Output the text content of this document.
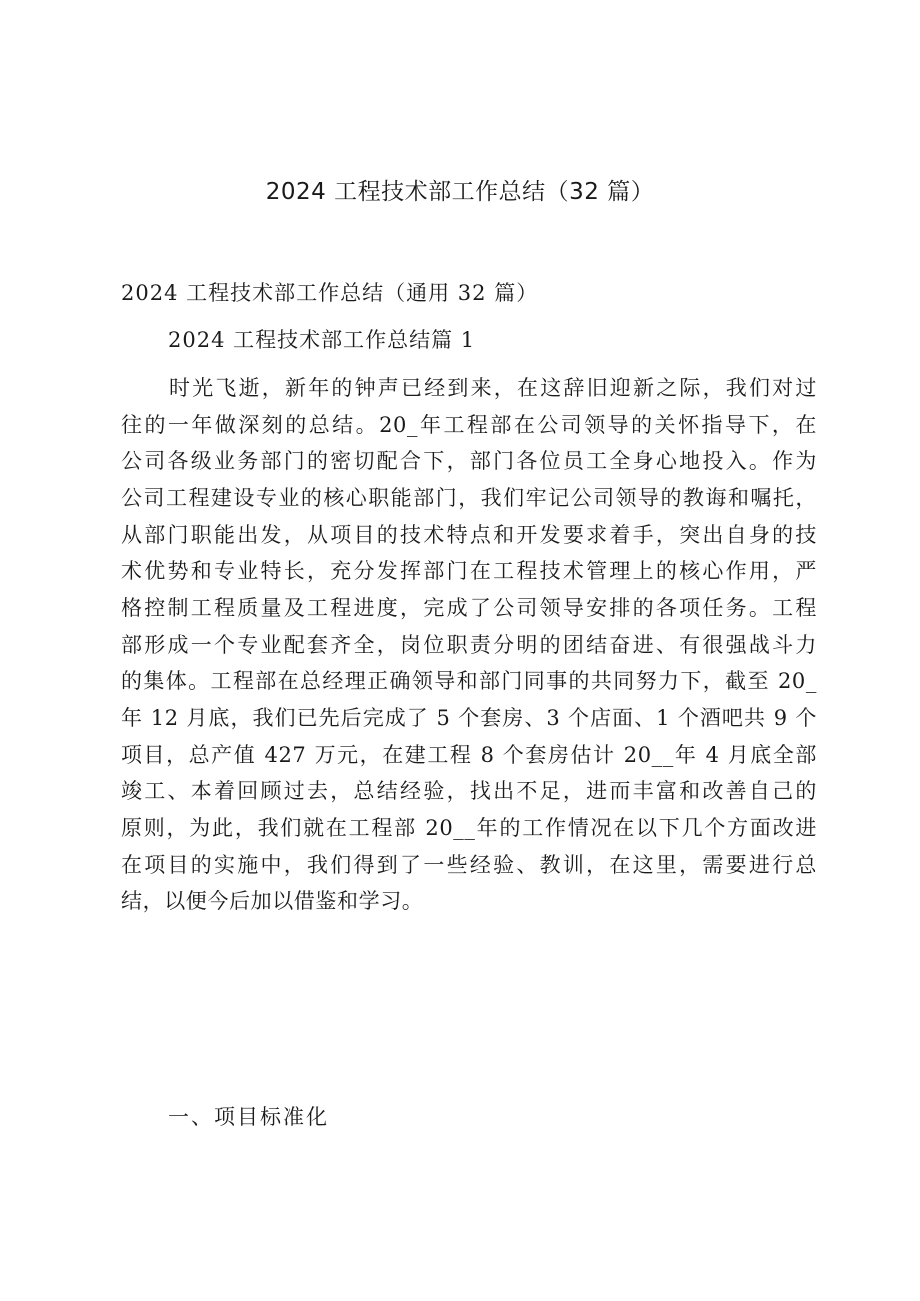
2024 工程技术部工作总结（32 篇）
2024 工程技术部工作总结（通用 32 篇）
2024 工程技术部工作总结篇 1
时光飞逝，新年的钟声已经到来，在这辞旧迎新之际，我们对过
往的一年做深刻的总结。20_年工程部在公司领导的关怀指导下，在
公司各级业务部门的密切配合下，部门各位员工全身心地投入。作为
公司工程建设专业的核心职能部门，我们牢记公司领导的教诲和嘱托，
从部门职能出发，从项目的技术特点和开发要求着手，突出自身的技
术优势和专业特长，充分发挥部门在工程技术管理上的核心作用，严
格控制工程质量及工程进度，完成了公司领导安排的各项任务。工程
部形成一个专业配套齐全，岗位职责分明的团结奋进、有很强战斗力
的集体。工程部在总经理正确领导和部门同事的共同努力下，截至 20_
年 12 月底，我们已先后完成了 5 个套房、3 个店面、1 个酒吧共 9 个
项目，总产值 427 万元，在建工程 8 个套房估计 20__年 4 月底全部
竣工、本着回顾过去，总结经验，找出不足，进而丰富和改善自己的
原则，为此，我们就在工程部 20__年的工作情况在以下几个方面改进
在项目的实施中，我们得到了一些经验、教训，在这里，需要进行总
结，以便今后加以借鉴和学习。
一、项目标准化
